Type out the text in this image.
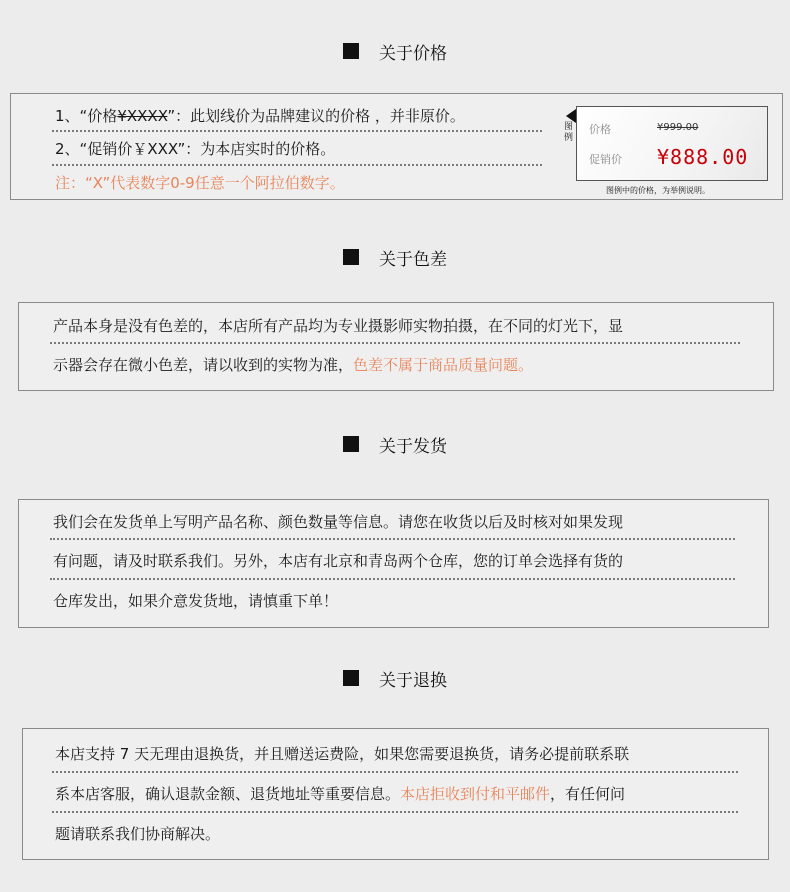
关于价格
1、“价格¥XXXX”：此划线价为品牌建议的价格 ，并非原价。
2、“促销价￥XXX”：为本店实时的价格。
注：“X”代表数字0-9任意一个阿拉伯数字。
图例
价格	¥999.00
促销价 ¥888.00
图例中的价格，为举例说明。
关于色差
产品本身是没有色差的，本店所有产品均为专业摄影师实物拍摄，在不同的灯光下，显
示器会存在微小色差，请以收到的实物为准，色差不属于商品质量问题。
关于发货
我们会在发货单上写明产品名称、颜色数量等信息。请您在收货以后及时核对如果发现
有问题，请及时联系我们。另外，本店有北京和青岛两个仓库，您的订单会选择有货的
仓库发出，如果介意发货地，请慎重下单！
关于退换
本店支持 7 天无理由退换货，并且赠送运费险，如果您需要退换货，请务必提前联系联
系本店客服，确认退款金额、退货地址等重要信息。本店拒收到付和平邮件，有任何问
题请联系我们协商解决。
